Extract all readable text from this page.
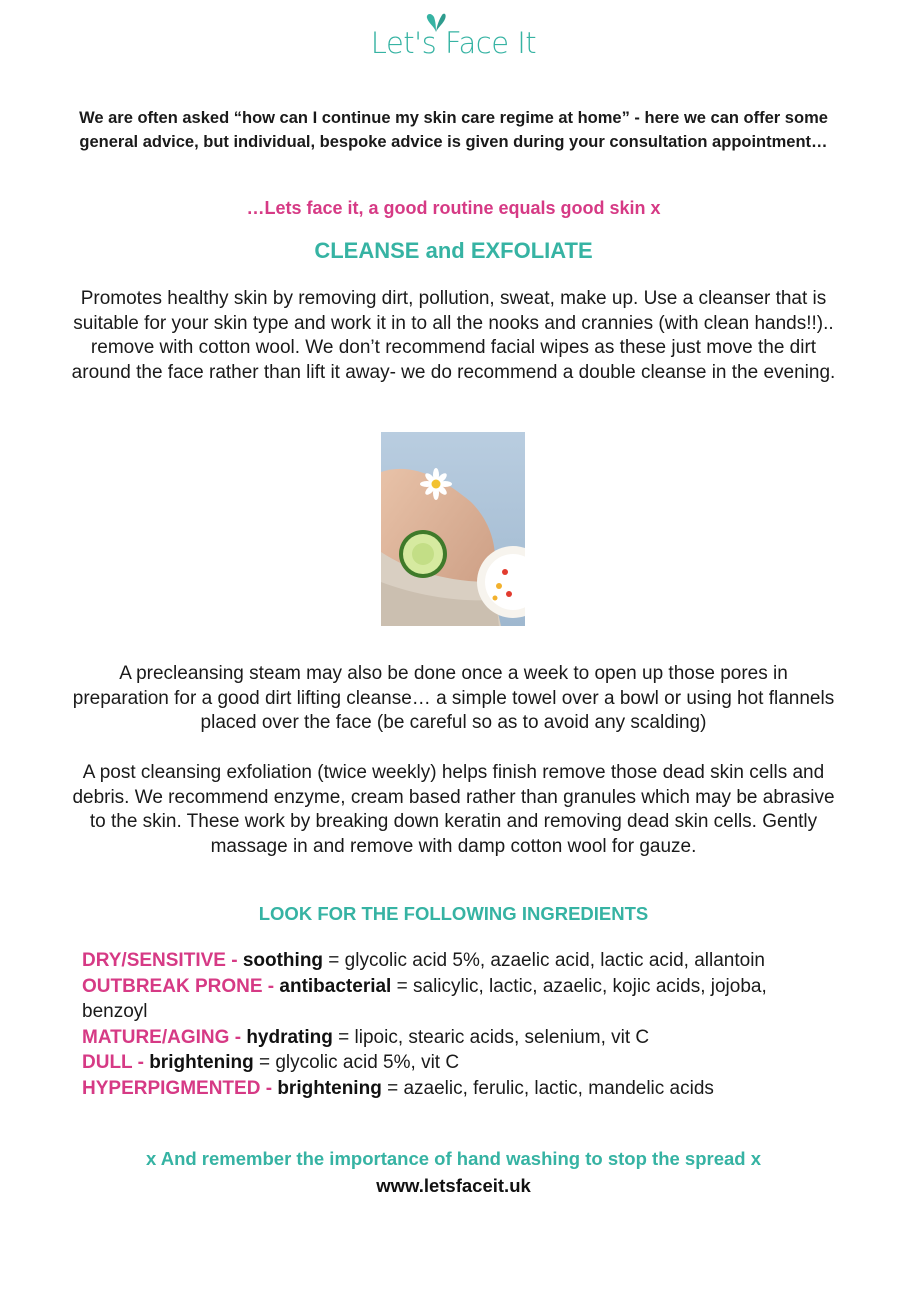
Let's Face It
We are often asked “how can I continue my skin care regime at home” - here we can offer some general advice, but individual, bespoke advice is given during your consultation appointment…
…Lets face it, a good routine equals good skin x
CLEANSE and EXFOLIATE
Promotes healthy skin by removing dirt, pollution, sweat, make up. Use a cleanser that is suitable for your skin type and work it in to all the nooks and crannies (with clean hands!!).. remove with cotton wool. We don’t recommend facial wipes as these just move the dirt around the face rather than lift it away- we do recommend a double cleanse in the evening.
A precleansing steam may also be done once a week to open up those pores in preparation for a good dirt lifting cleanse… a simple towel over a bowl or using hot flannels placed over the face (be careful so as to avoid any scalding)
A post cleansing exfoliation (twice weekly) helps finish remove those dead skin cells and debris. We recommend enzyme, cream based rather than granules which may be abrasive to the skin. These work by breaking down keratin and removing dead skin cells. Gently massage in and remove with damp cotton wool for gauze.
LOOK FOR THE FOLLOWING INGREDIENTS

DRY/SENSITIVE - soothing = glycolic acid 5%, azaelic acid, lactic acid, allantoin

OUTBREAK PRONE - antibacterial = salicylic, lactic, azaelic, kojic acids, jojoba, benzoyl

MATURE/AGING - hydrating = lipoic, stearic acids, selenium, vit C

DULL - brightening = glycolic acid 5%, vit C

HYPERPIGMENTED - brightening = azaelic, ferulic, lactic, mandelic acids

x And remember the importance of hand washing to stop the spread x
www.letsfaceit.uk
